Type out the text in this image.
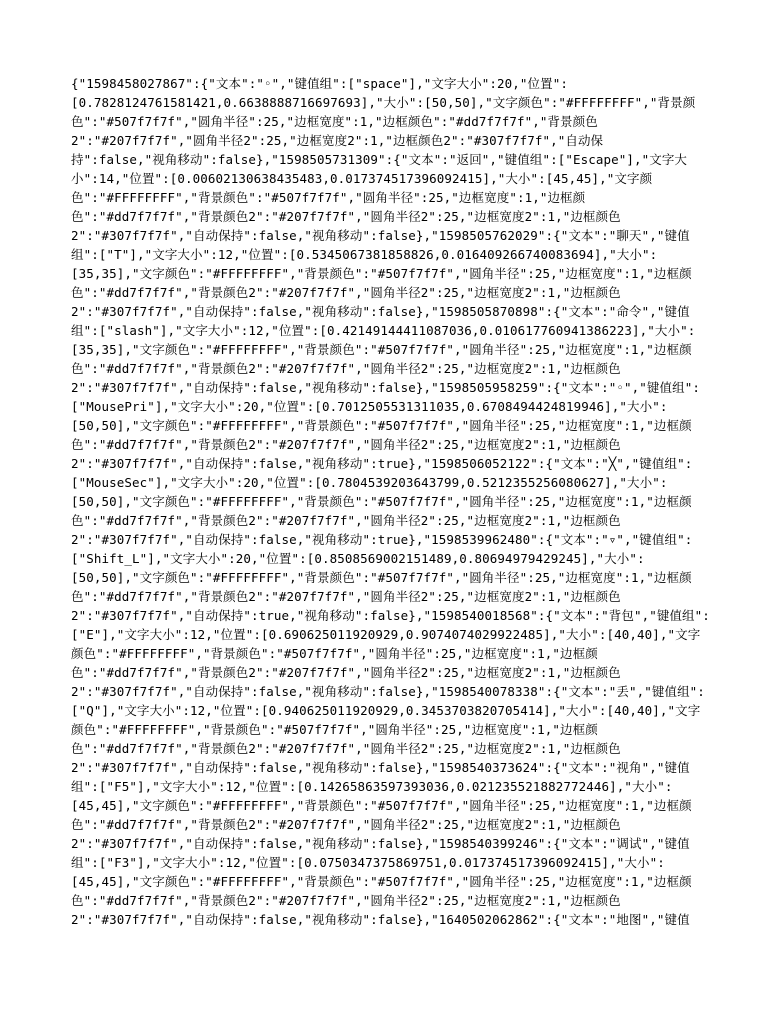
{"1598458027867":{"文本":"◦","键值组":["space"],"文字大小":20,"位置":
[0.7828124761581421,0.6638888716697693],"大小":[50,50],"文字颜色":"#FFFFFFFF","背景颜
色":"#507f7f7f","圆角半径":25,"边框宽度":1,"边框颜色":"#dd7f7f7f","背景颜色
2":"#207f7f7f","圆角半径2":25,"边框宽度2":1,"边框颜色2":"#307f7f7f","自动保
持":false,"视角移动":false},"1598505731309":{"文本":"返回","键值组":["Escape"],"文字大
小":14,"位置":[0.00602130638435483,0.017374517396092415],"大小":[45,45],"文字颜
色":"#FFFFFFFF","背景颜色":"#507f7f7f","圆角半径":25,"边框宽度":1,"边框颜
色":"#dd7f7f7f","背景颜色2":"#207f7f7f","圆角半径2":25,"边框宽度2":1,"边框颜色
2":"#307f7f7f","自动保持":false,"视角移动":false},"1598505762029":{"文本":"聊天","键值
组":["T"],"文字大小":12,"位置":[0.5345067381858826,0.016409266740083694],"大小":
[35,35],"文字颜色":"#FFFFFFFF","背景颜色":"#507f7f7f","圆角半径":25,"边框宽度":1,"边框颜
色":"#dd7f7f7f","背景颜色2":"#207f7f7f","圆角半径2":25,"边框宽度2":1,"边框颜色
2":"#307f7f7f","自动保持":false,"视角移动":false},"1598505870898":{"文本":"命令","键值
组":["slash"],"文字大小":12,"位置":[0.42149144411087036,0.010617760941386223],"大小":
[35,35],"文字颜色":"#FFFFFFFF","背景颜色":"#507f7f7f","圆角半径":25,"边框宽度":1,"边框颜
色":"#dd7f7f7f","背景颜色2":"#207f7f7f","圆角半径2":25,"边框宽度2":1,"边框颜色
2":"#307f7f7f","自动保持":false,"视角移动":false},"1598505958259":{"文本":"◦","键值组":
["MousePri"],"文字大小":20,"位置":[0.7012505531311035,0.6708494424819946],"大小":
[50,50],"文字颜色":"#FFFFFFFF","背景颜色":"#507f7f7f","圆角半径":25,"边框宽度":1,"边框颜
色":"#dd7f7f7f","背景颜色2":"#207f7f7f","圆角半径2":25,"边框宽度2":1,"边框颜色
2":"#307f7f7f","自动保持":false,"视角移动":true},"1598506052122":{"文本":"╳","键值组":
["MouseSec"],"文字大小":20,"位置":[0.7804539203643799,0.5212355256080627],"大小":
[50,50],"文字颜色":"#FFFFFFFF","背景颜色":"#507f7f7f","圆角半径":25,"边框宽度":1,"边框颜
色":"#dd7f7f7f","背景颜色2":"#207f7f7f","圆角半径2":25,"边框宽度2":1,"边框颜色
2":"#307f7f7f","自动保持":false,"视角移动":true},"1598539962480":{"文本":"▿","键值组":
["Shift_L"],"文字大小":20,"位置":[0.8508569002151489,0.80694979429245],"大小":
[50,50],"文字颜色":"#FFFFFFFF","背景颜色":"#507f7f7f","圆角半径":25,"边框宽度":1,"边框颜
色":"#dd7f7f7f","背景颜色2":"#207f7f7f","圆角半径2":25,"边框宽度2":1,"边框颜色
2":"#307f7f7f","自动保持":true,"视角移动":false},"1598540018568":{"文本":"背包","键值组":
["E"],"文字大小":12,"位置":[0.690625011920929,0.9074074029922485],"大小":[40,40],"文字
颜色":"#FFFFFFFF","背景颜色":"#507f7f7f","圆角半径":25,"边框宽度":1,"边框颜
色":"#dd7f7f7f","背景颜色2":"#207f7f7f","圆角半径2":25,"边框宽度2":1,"边框颜色
2":"#307f7f7f","自动保持":false,"视角移动":false},"1598540078338":{"文本":"丢","键值组":
["Q"],"文字大小":12,"位置":[0.940625011920929,0.3453703820705414],"大小":[40,40],"文字
颜色":"#FFFFFFFF","背景颜色":"#507f7f7f","圆角半径":25,"边框宽度":1,"边框颜
色":"#dd7f7f7f","背景颜色2":"#207f7f7f","圆角半径2":25,"边框宽度2":1,"边框颜色
2":"#307f7f7f","自动保持":false,"视角移动":false},"1598540373624":{"文本":"视角","键值
组":["F5"],"文字大小":12,"位置":[0.14265863597393036,0.021235521882772446],"大小":
[45,45],"文字颜色":"#FFFFFFFF","背景颜色":"#507f7f7f","圆角半径":25,"边框宽度":1,"边框颜
色":"#dd7f7f7f","背景颜色2":"#207f7f7f","圆角半径2":25,"边框宽度2":1,"边框颜色
2":"#307f7f7f","自动保持":false,"视角移动":false},"1598540399246":{"文本":"调试","键值
组":["F3"],"文字大小":12,"位置":[0.0750347375869751,0.017374517396092415],"大小":
[45,45],"文字颜色":"#FFFFFFFF","背景颜色":"#507f7f7f","圆角半径":25,"边框宽度":1,"边框颜
色":"#dd7f7f7f","背景颜色2":"#207f7f7f","圆角半径2":25,"边框宽度2":1,"边框颜色
2":"#307f7f7f","自动保持":false,"视角移动":false},"1640502062862":{"文本":"地图","键值
